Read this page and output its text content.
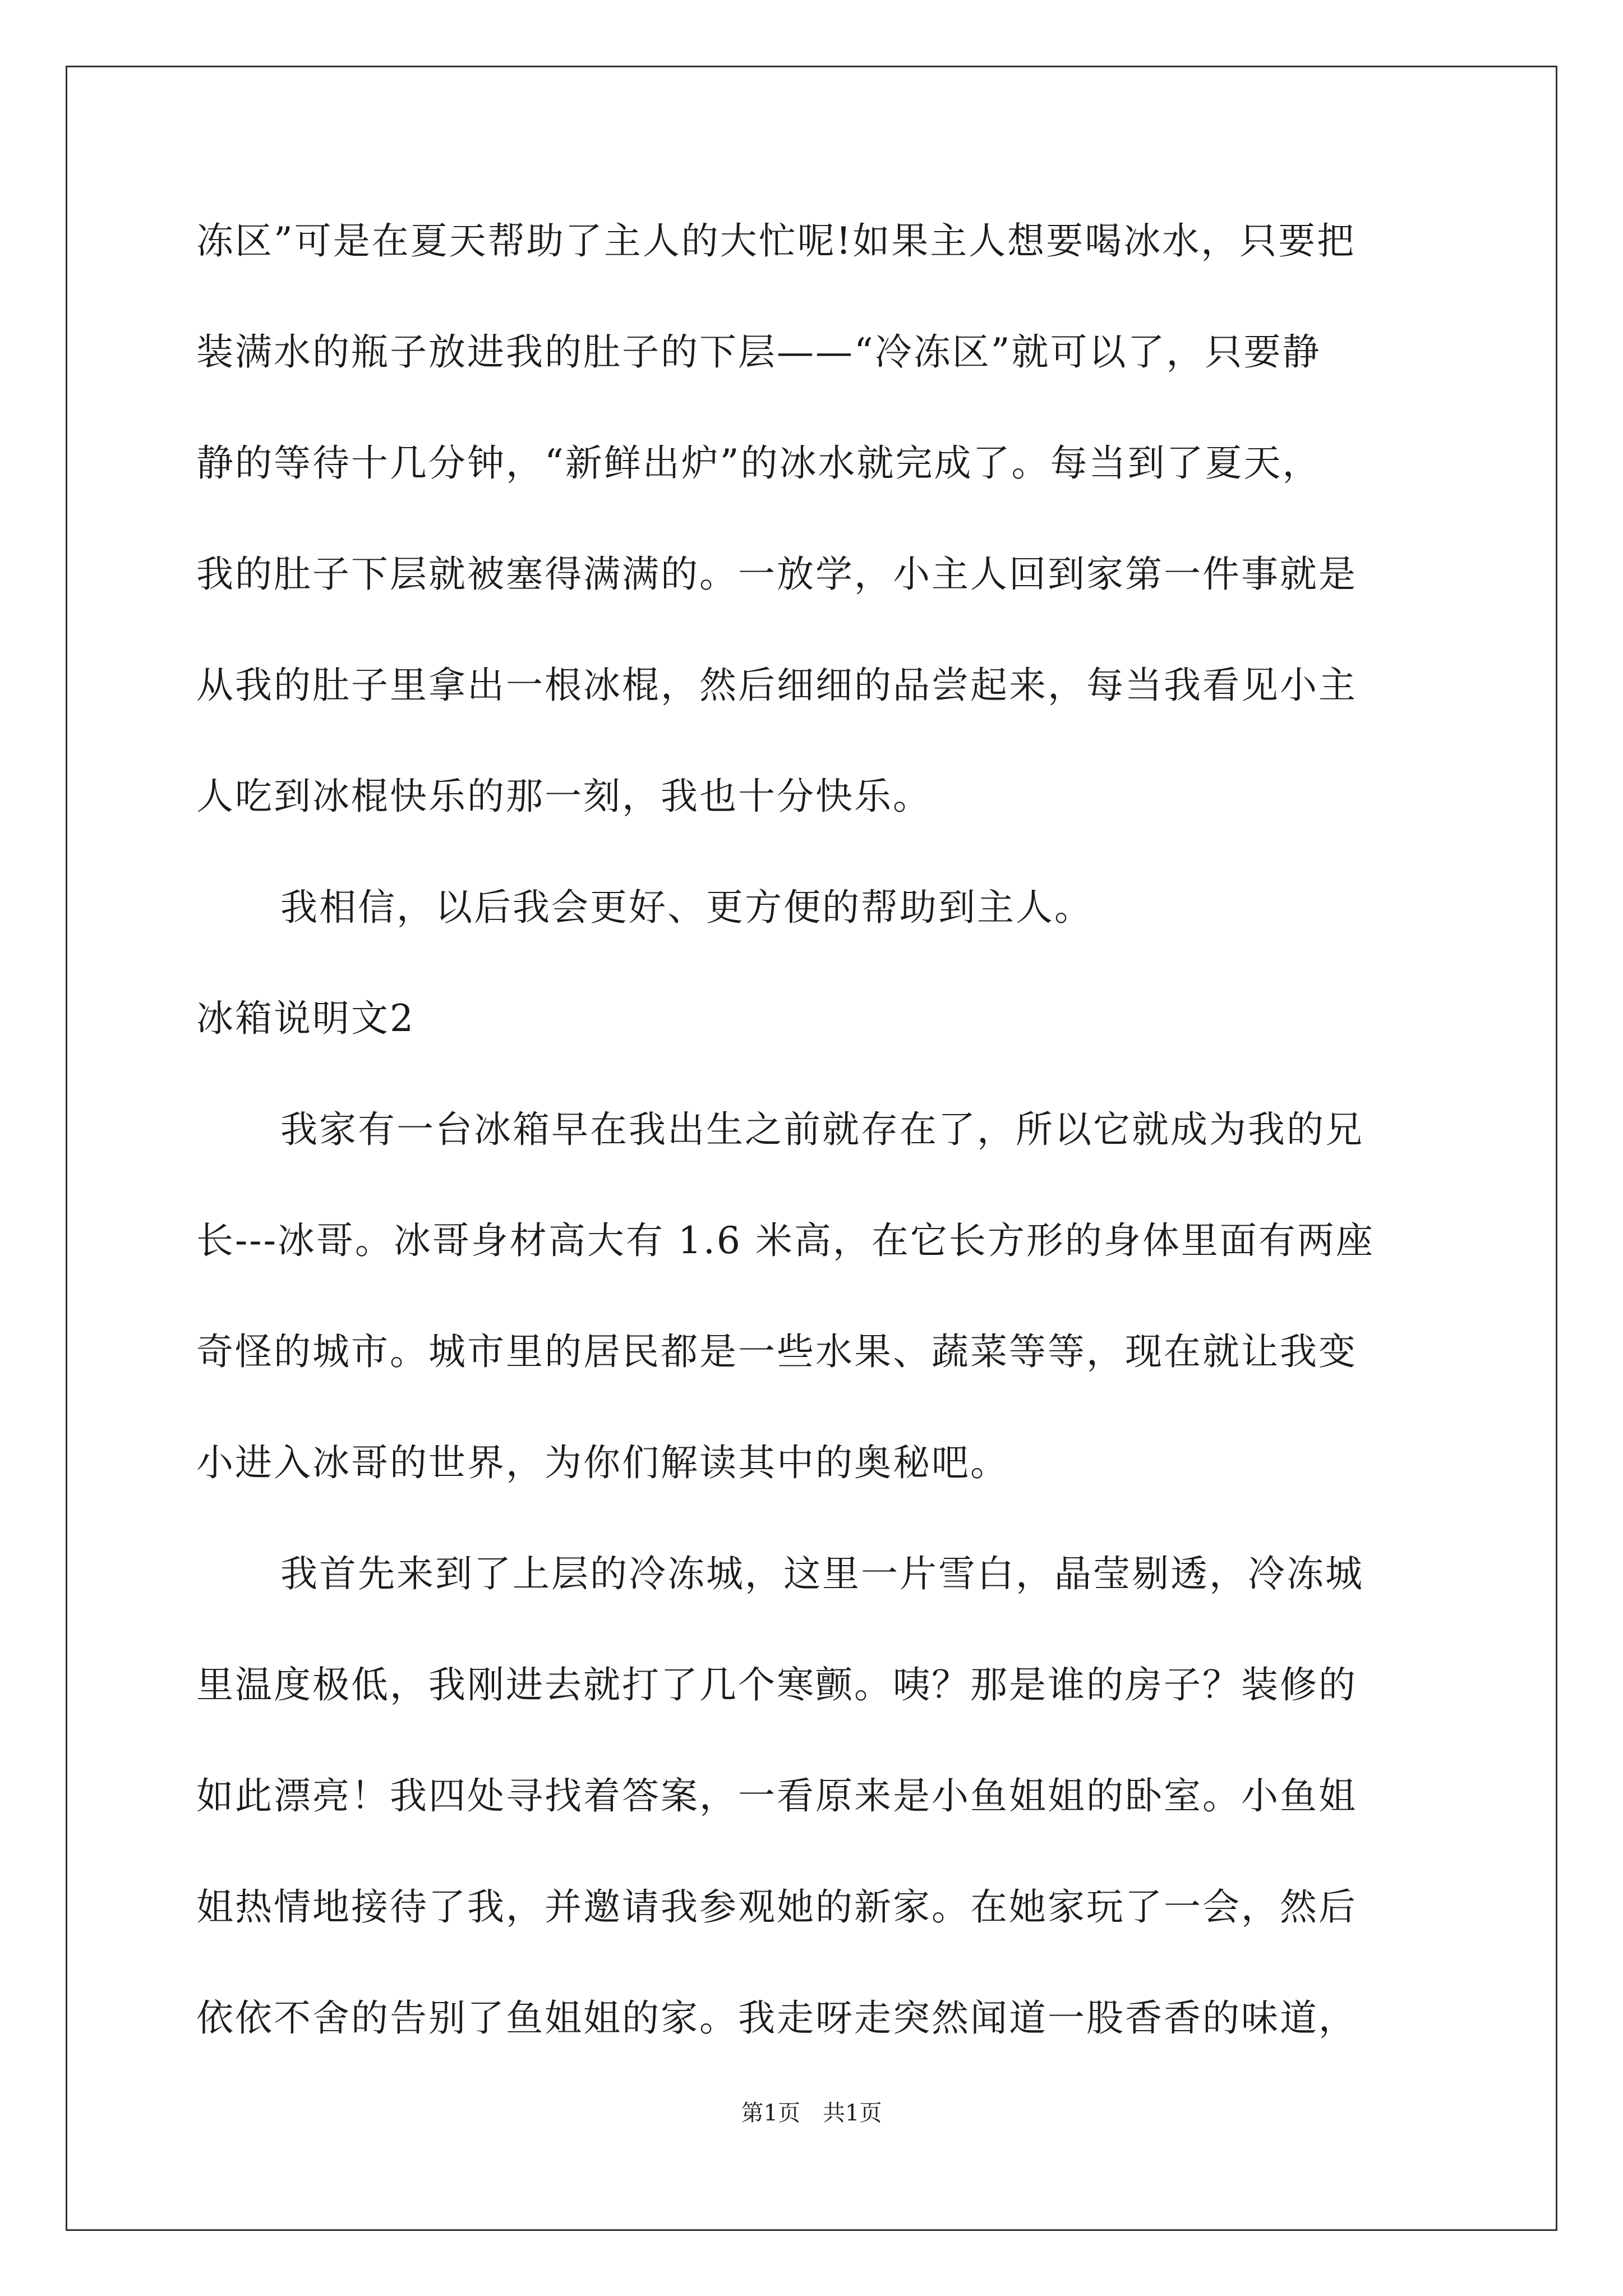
冻区”可是在夏天帮助了主人的大忙呢!如果主人想要喝冰水，只要把
装满水的瓶子放进我的肚子的下层——“冷冻区”就可以了，只要静
静的等待十几分钟，“新鲜出炉”的冰水就完成了。每当到了夏天，
我的肚子下层就被塞得满满的。一放学，小主人回到家第一件事就是
从我的肚子里拿出一根冰棍，然后细细的品尝起来，每当我看见小主
人吃到冰棍快乐的那一刻，我也十分快乐。
我相信，以后我会更好、更方便的帮助到主人。
冰箱说明文2
我家有一台冰箱早在我出生之前就存在了，所以它就成为我的兄
长---冰哥。冰哥身材高大有 1.6 米高，在它长方形的身体里面有两座
奇怪的城市。城市里的居民都是一些水果、蔬菜等等，现在就让我变
小进入冰哥的世界，为你们解读其中的奥秘吧。
我首先来到了上层的冷冻城，这里一片雪白，晶莹剔透，冷冻城
里温度极低，我刚进去就打了几个寒颤。咦？那是谁的房子？装修的
如此漂亮！我四处寻找着答案，一看原来是小鱼姐姐的卧室。小鱼姐
姐热情地接待了我，并邀请我参观她的新家。在她家玩了一会，然后
依依不舍的告别了鱼姐姐的家。我走呀走突然闻道一股香香的味道，
第1页　共1页
